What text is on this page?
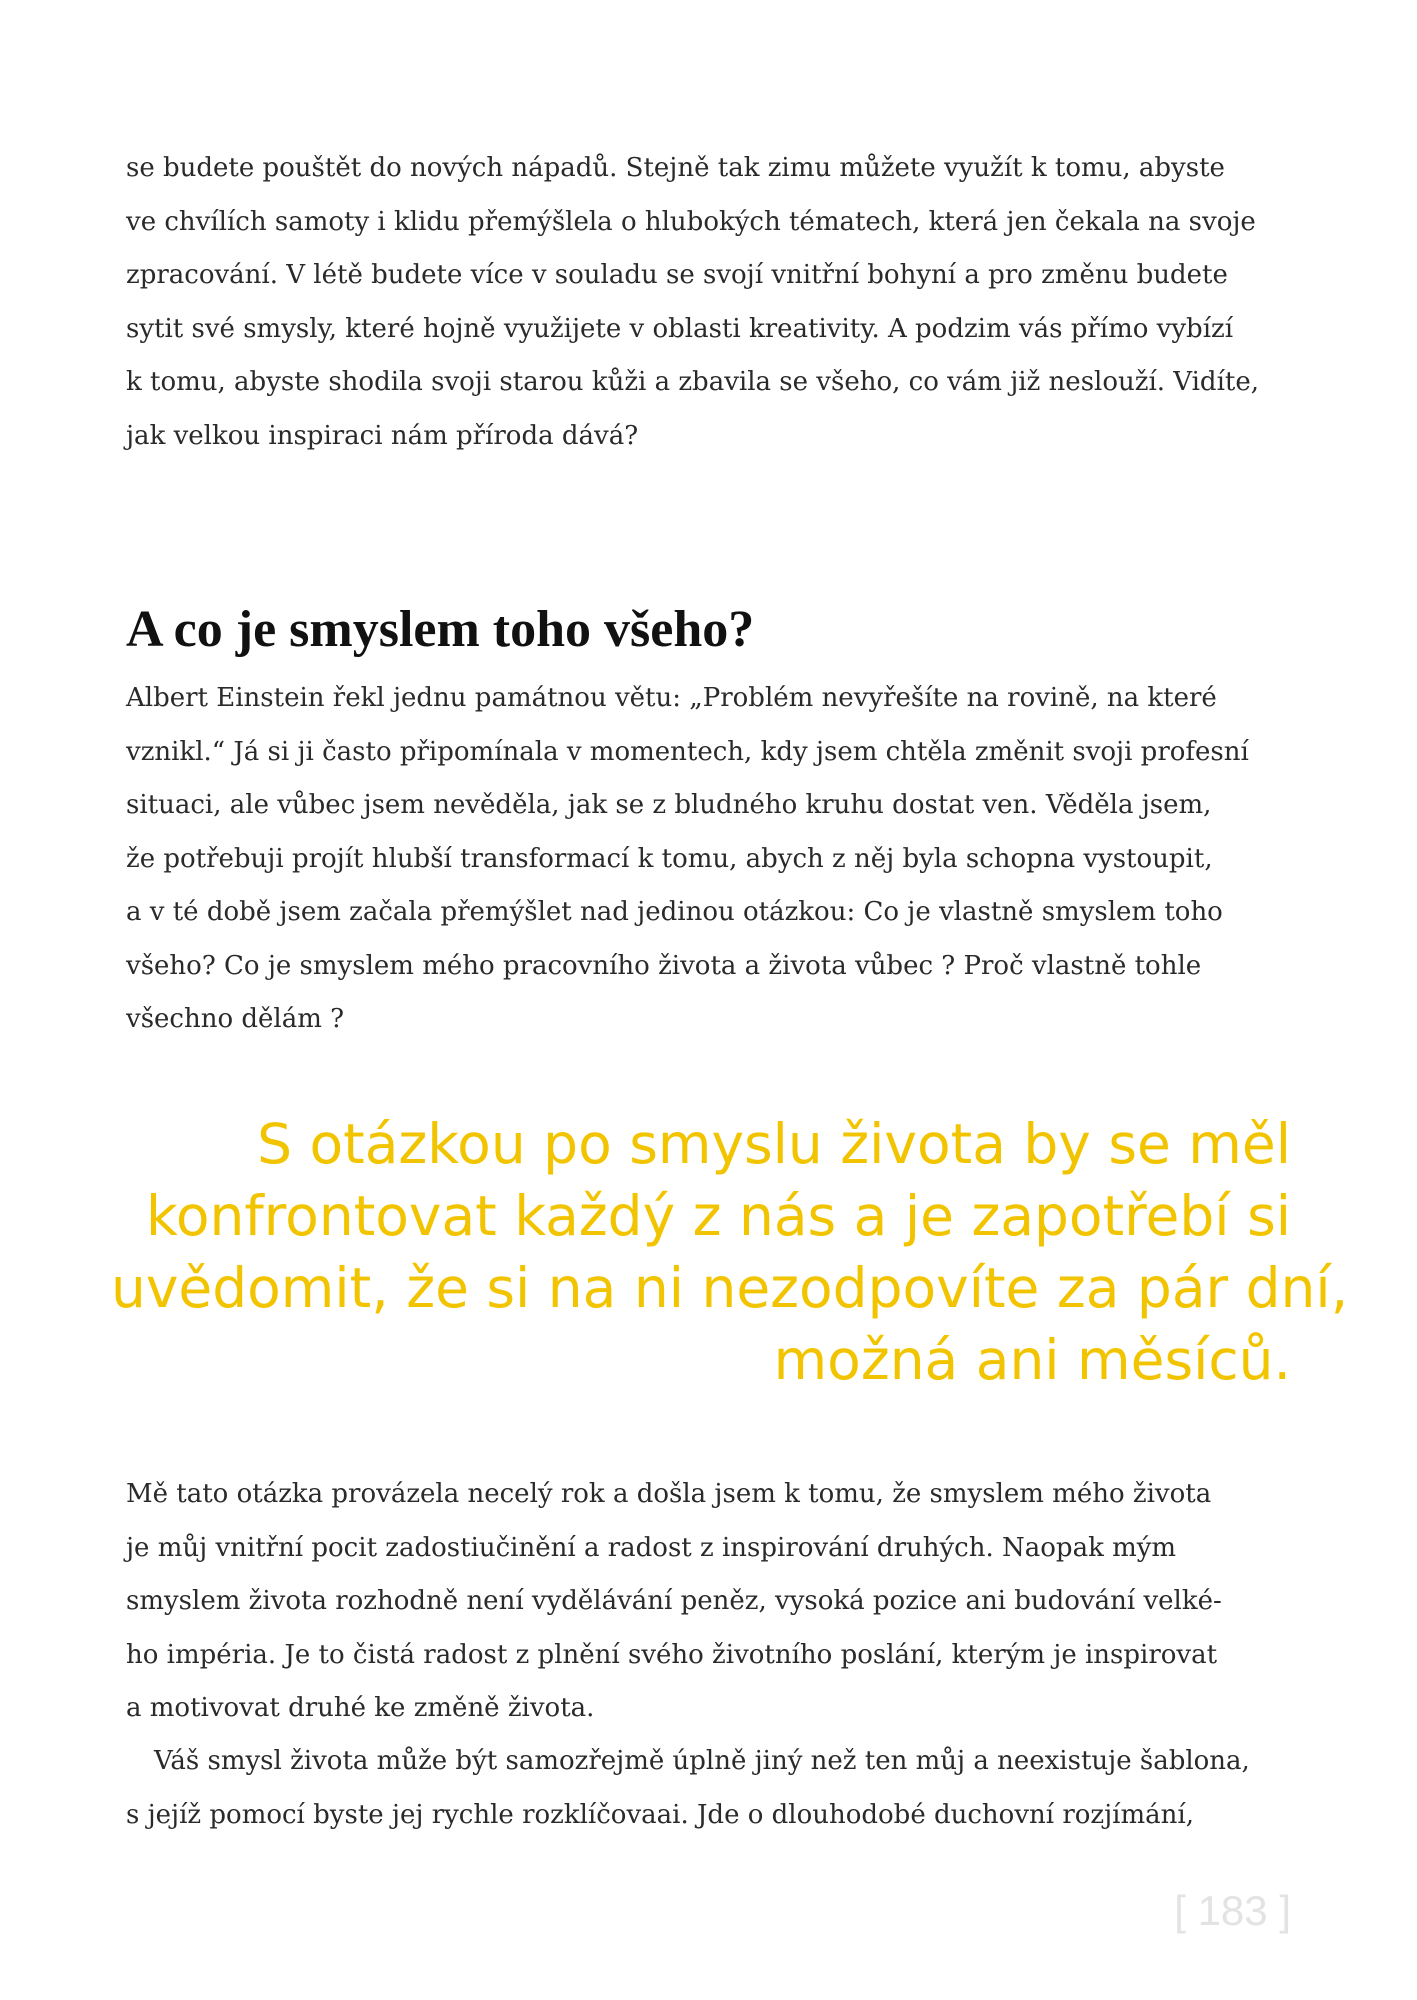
se budete pouštět do nových nápadů. Stejně tak zimu můžete využít k tomu, abyste
ve chvílích samoty i klidu přemýšlela o hlubokých tématech, která jen čekala na svoje
zpracování. V létě budete více v souladu se svojí vnitřní bohyní a pro změnu budete
sytit své smysly, které hojně využijete v oblasti kreativity. A podzim vás přímo vybízí
k tomu, abyste shodila svoji starou kůži a zbavila se všeho, co vám již neslouží. Vidíte,
jak velkou inspiraci nám příroda dává?
A co je smyslem toho všeho?
Albert Einstein řekl jednu památnou větu: „Problém nevyřešíte na rovině, na které
vznikl.“ Já si ji často připomínala v momentech, kdy jsem chtěla změnit svoji profesní
situaci, ale vůbec jsem nevěděla, jak se z bludného kruhu dostat ven. Věděla jsem,
že potřebuji projít hlubší transformací k tomu, abych z něj byla schopna vystoupit,
a v té době jsem začala přemýšlet nad jedinou otázkou: Co je vlastně smyslem toho
všeho? Co je smyslem mého pracovního života a života vůbec ? Proč vlastně tohle
všechno dělám ?
S otázkou po smyslu života by se měl
konfrontovat každý z nás a je zapotřebí si
uvědomit, že si na ni nezodpovíte za pár dní,
možná ani měsíců.
Mě tato otázka provázela necelý rok a došla jsem k tomu, že smyslem mého života
je můj vnitřní pocit zadostiučinění a radost z inspirování druhých. Naopak mým
smyslem života rozhodně není vydělávání peněz, vysoká pozice ani budování velké-
ho impéria. Je to čistá radost z plnění svého životního poslání, kterým je inspirovat
a motivovat druhé ke změně života.
Váš smysl života může být samozřejmě úplně jiný než ten můj a neexistuje šablona,
s jejíž pomocí byste jej rychle rozklíčovaai. Jde o dlouhodobé duchovní rozjímání,
[ 183 ]
